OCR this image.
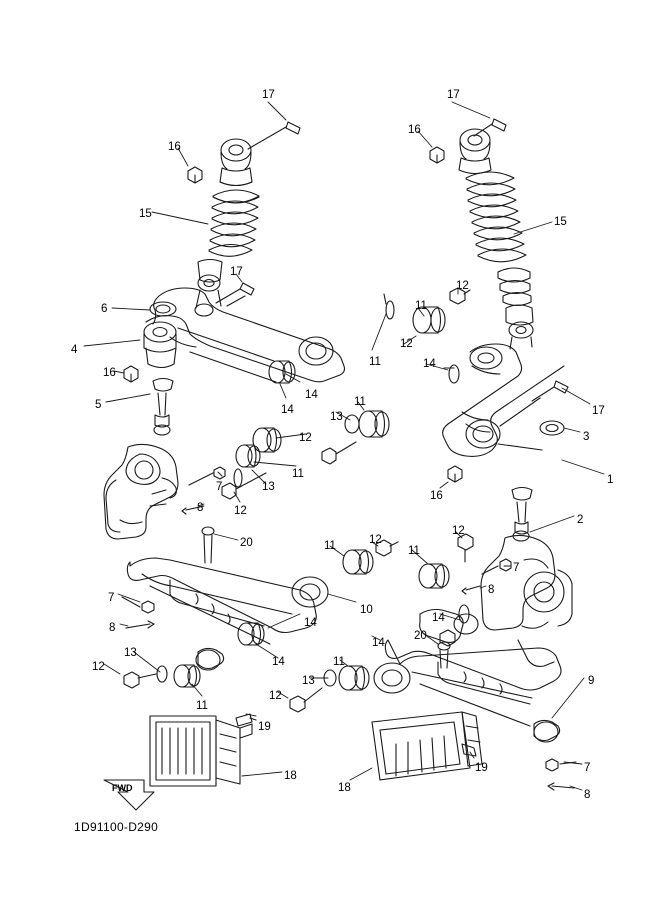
17	17
16
16
15
15
11
12
6
17
4	12
11	14
16
5
14
17
13
11
3
14
12
11	1
16
7	13
12
8
2
20	11	12
12
11
7
8
7
10
14
8	14
14
20
14
13
12	11
13
12
11
9
19
18
18
19	7
8
FWD
1D91100-D290
